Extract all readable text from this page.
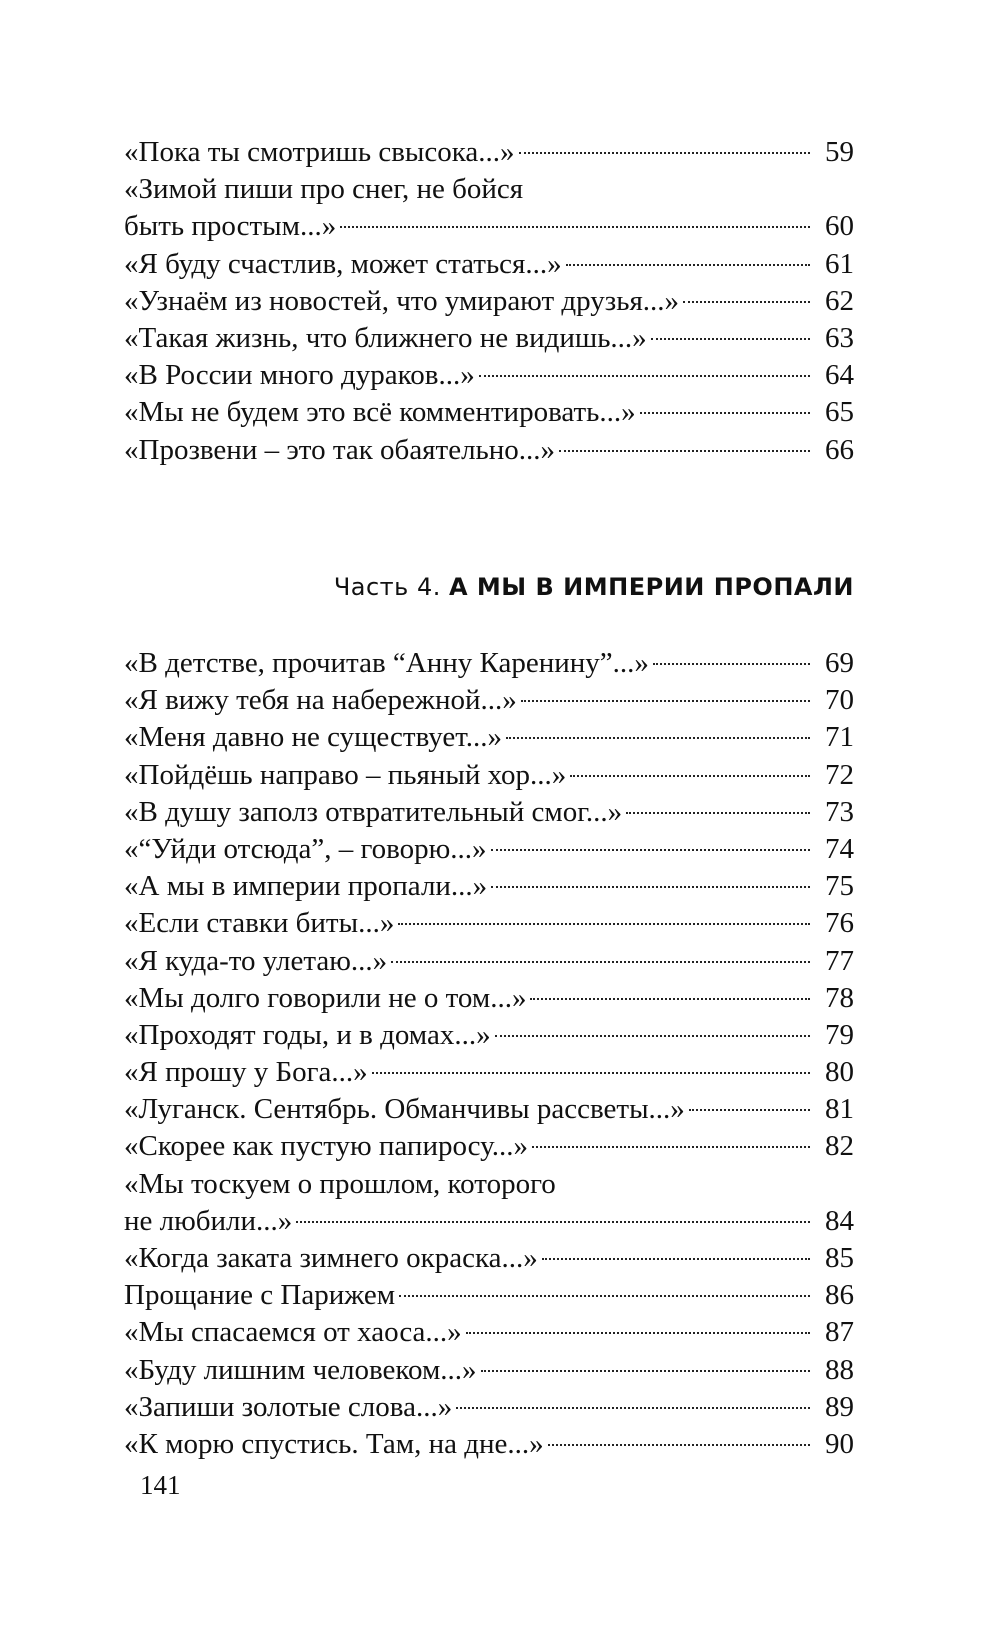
«Пока ты смотришь свысока...»	59
«Зимой пиши про снег, не бойся
быть простым...»	60
«Я буду счастлив, может статься...»	61
«Узнаём из новостей, что умирают друзья...»	62
«Такая жизнь, что ближнего не видишь...»	63
«В России много дураков...»	64
«Мы не будем это всё комментировать...»	65
«Прозвени – это так обаятельно...»	66
Часть 4. А МЫ В ИМПЕРИИ ПРОПАЛИ
«В детстве, прочитав “Анну Каренину”...»	69
«Я вижу тебя на набережной...»	70
«Меня давно не существует...»	71
«Пойдёшь направо – пьяный хор...»	72
«В душу заполз отвратительный смог...»	73
«“Уйди отсюда”, – говорю...»	74
«А мы в империи пропали...»	75
«Если ставки биты...»	76
«Я куда-то улетаю...»	77
«Мы долго говорили не о том...»	78
«Проходят годы, и в домах...»	79
«Я прошу у Бога...»	80
«Луганск. Сентябрь. Обманчивы рассветы...»	81
«Скорее как пустую папиросу...»	82
«Мы тоскуем о прошлом, которого
не любили...»	84
«Когда заката зимнего окраска...»	85
Прощание с Парижем	86
«Мы спасаемся от хаоса...»	87
«Буду лишним человеком...»	88
«Запиши золотые слова...»	89
«К морю спустись. Там, на дне...»	90
141
